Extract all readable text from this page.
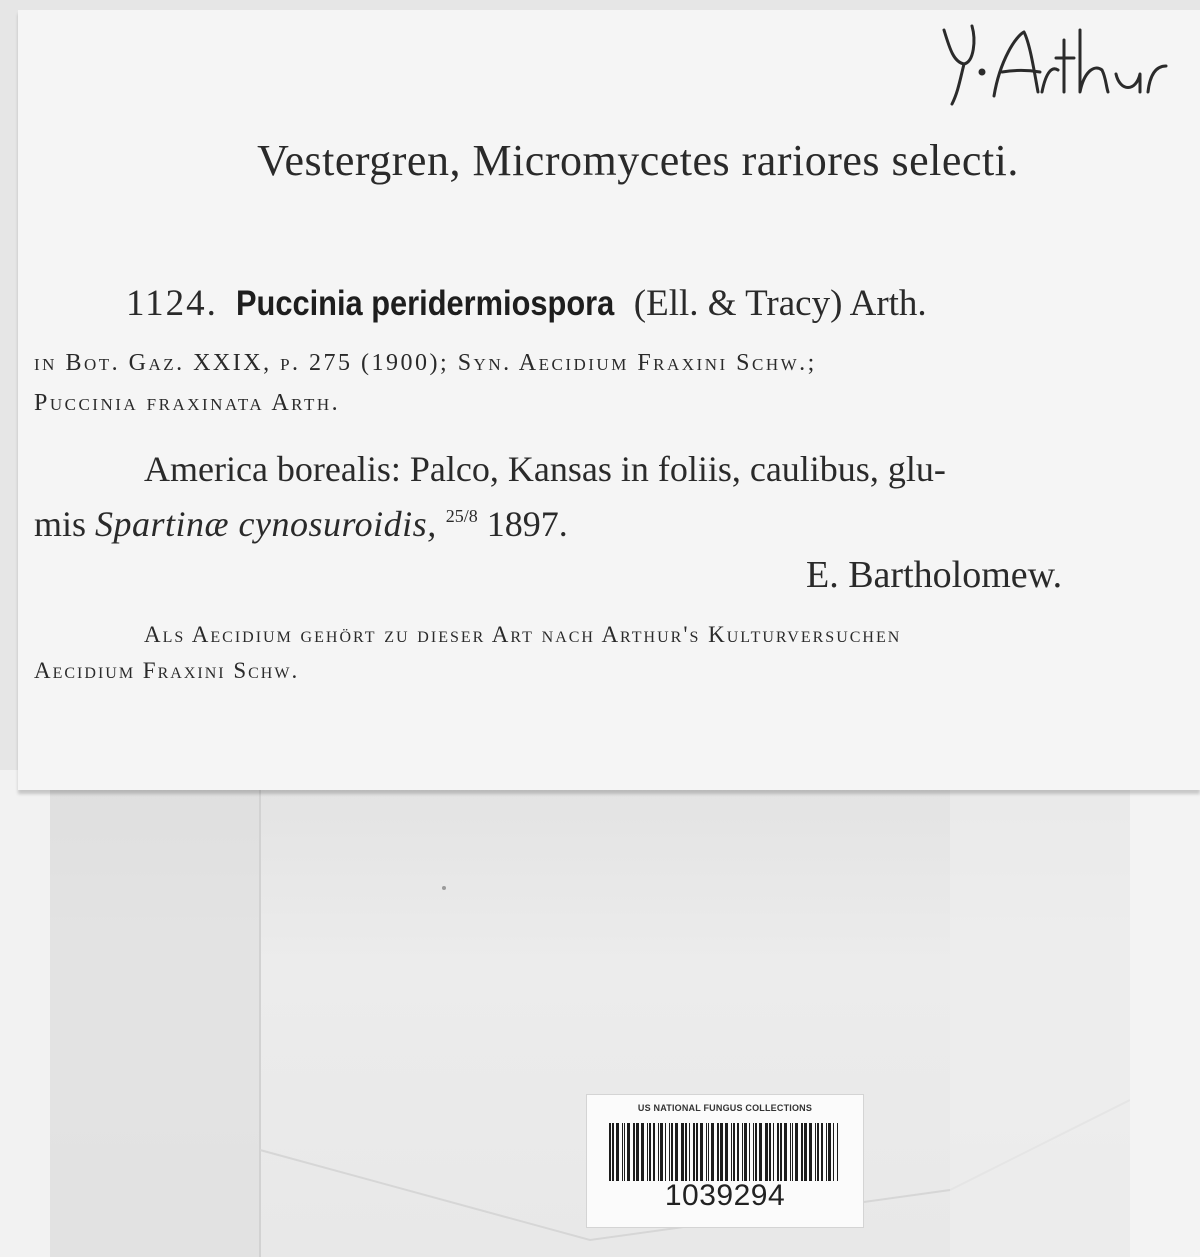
Vestergren, Micromycetes rariores selecti.
1124. Puccinia peridermiospora (Ell. & Tracy) Arth.
in Bot. Gaz. XXIX, p. 275 (1900); Syn. Aecidium Fraxini Schw.;
Puccinia fraxinata Arth.
America borealis: Palco, Kansas in foliis, caulibus, glu-
mis Spartinæ cynosuroidis, $^{25/8}$ 1897.
E. Bartholomew.
Als Aecidium gehört zu dieser Art nach Arthur's Kulturversuchen
Aecidium Fraxini Schw.
US NATIONAL FUNGUS COLLECTIONS
1039294
